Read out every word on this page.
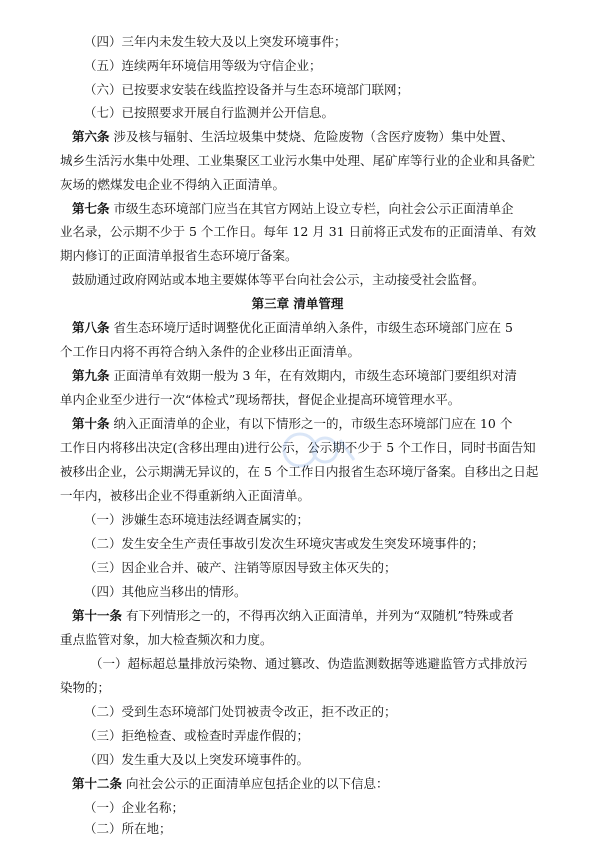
（四）三年内未发生较大及以上突发环境事件；
（五）连续两年环境信用等级为守信企业；
（六）已按要求安装在线监控设备并与生态环境部门联网；
（七）已按照要求开展自行监测并公开信息。
第六条 涉及核与辐射、生活垃圾集中焚烧、危险废物（含医疗废物）集中处置、
城乡生活污水集中处理、工业集聚区工业污水集中处理、尾矿库等行业的企业和具备贮
灰场的燃煤发电企业不得纳入正面清单。
第七条 市级生态环境部门应当在其官方网站上设立专栏，向社会公示正面清单企
业名录，公示期不少于 5 个工作日。每年 12 月 31 日前将正式发布的正面清单、有效
期内修订的正面清单报省生态环境厅备案。
鼓励通过政府网站或本地主要媒体等平台向社会公示，主动接受社会监督。
第三章 清单管理
第八条 省生态环境厅适时调整优化正面清单纳入条件，市级生态环境部门应在 5
个工作日内将不再符合纳入条件的企业移出正面清单。
第九条 正面清单有效期一般为 3 年，在有效期内，市级生态环境部门要组织对清
单内企业至少进行一次“体检式”现场帮扶，督促企业提高环境管理水平。
第十条 纳入正面清单的企业，有以下情形之一的，市级生态环境部门应在 10 个
工作日内将移出决定(含移出理由)进行公示，公示期不少于 5 个工作日，同时书面告知
被移出企业，公示期满无异议的，在 5 个工作日内报省生态环境厅备案。自移出之日起
一年内，被移出企业不得重新纳入正面清单。
（一）涉嫌生态环境违法经调查属实的；
（二）发生安全生产责任事故引发次生环境灾害或发生突发环境事件的；
（三）因企业合并、破产、注销等原因导致主体灭失的；
（四）其他应当移出的情形。
第十一条 有下列情形之一的，不得再次纳入正面清单，并列为“双随机”特殊或者
重点监管对象，加大检查频次和力度。
（一）超标超总量排放污染物、通过篡改、伪造监测数据等逃避监管方式排放污
染物的；
（二）受到生态环境部门处罚被责令改正，拒不改正的；
（三）拒绝检查、或检查时弄虚作假的；
（四）发生重大及以上突发环境事件的。
第十二条 向社会公示的正面清单应包括企业的以下信息：
（一）企业名称；
（二）所在地；
